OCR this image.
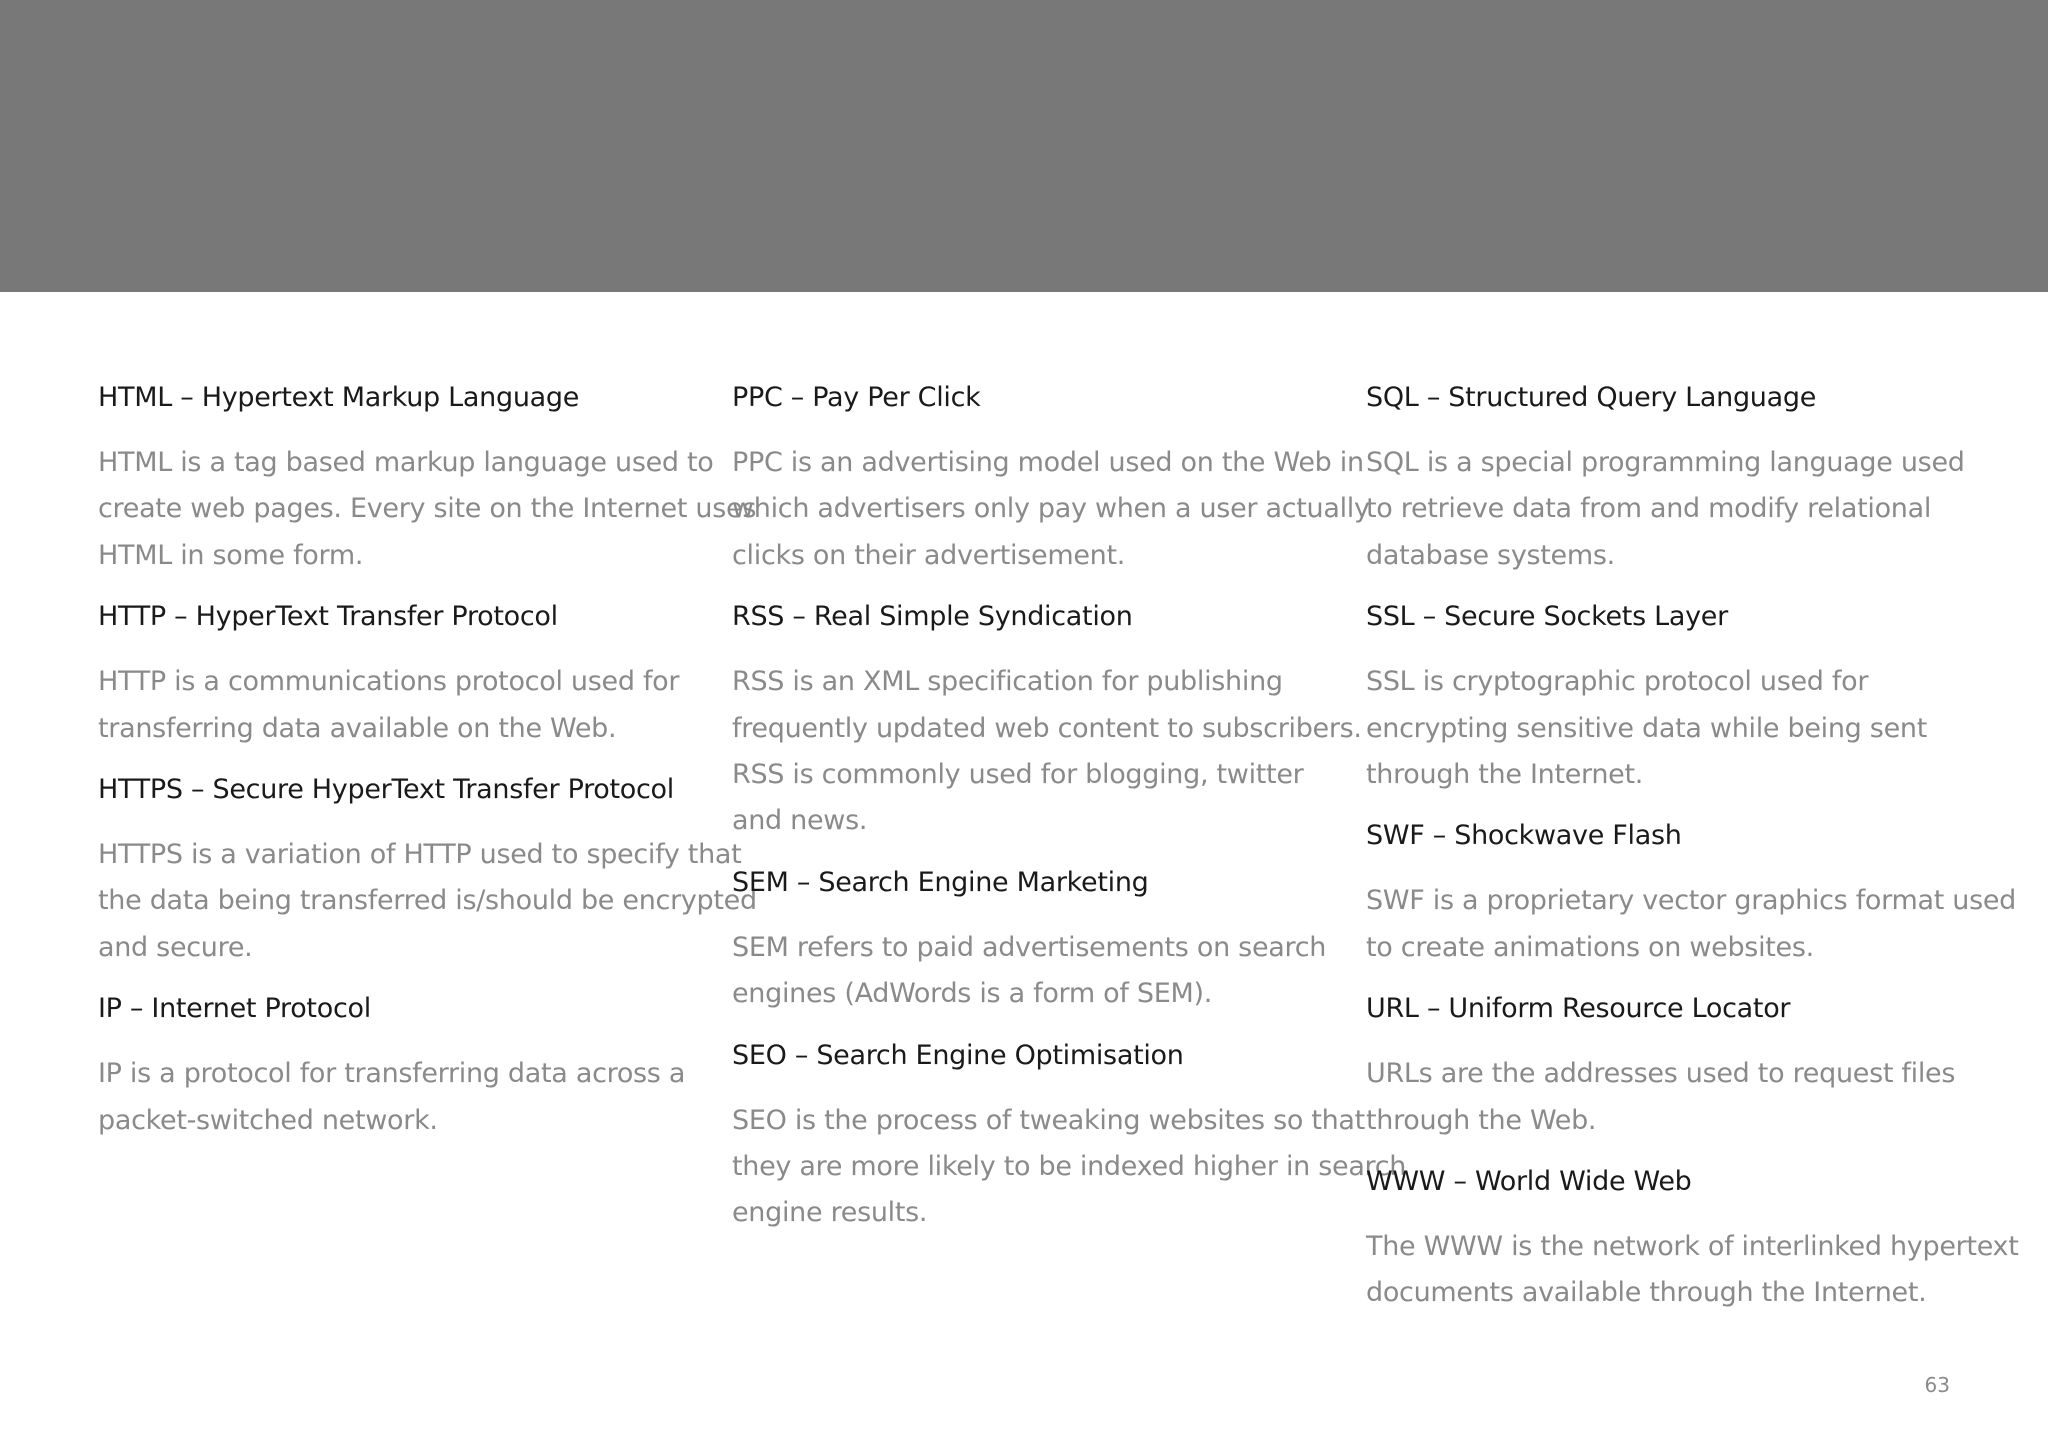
HTML – Hypertext Markup Language

HTML is a tag based markup language used to
create web pages. Every site on the Internet uses
HTML in some form.

HTTP – HyperText Transfer Protocol

HTTP is a communications protocol used for
transferring data available on the Web.

HTTPS – Secure HyperText Transfer Protocol

HTTPS is a variation of HTTP used to specify that
the data being transferred is/should be encrypted
and secure.

IP – Internet Protocol

IP is a protocol for transferring data across a
packet-switched network.

PPC – Pay Per Click

PPC is an advertising model used on the Web in
which advertisers only pay when a user actually
clicks on their advertisement.

RSS – Real Simple Syndication

RSS is an XML specification for publishing
frequently updated web content to subscribers.
RSS is commonly used for blogging, twitter
and news.

SEM – Search Engine Marketing

SEM refers to paid advertisements on search
engines (AdWords is a form of SEM).

SEO – Search Engine Optimisation

SEO is the process of tweaking websites so that
they are more likely to be indexed higher in search
engine results.

SQL – Structured Query Language

SQL is a special programming language used
to retrieve data from and modify relational
database systems.

SSL – Secure Sockets Layer

SSL is cryptographic protocol used for
encrypting sensitive data while being sent
through the Internet.

SWF – Shockwave Flash

SWF is a proprietary vector graphics format used
to create animations on websites.

URL – Uniform Resource Locator

URLs are the addresses used to request files
through the Web.

WWW – World Wide Web

The WWW is the network of interlinked hypertext
documents available through the Internet.

63
